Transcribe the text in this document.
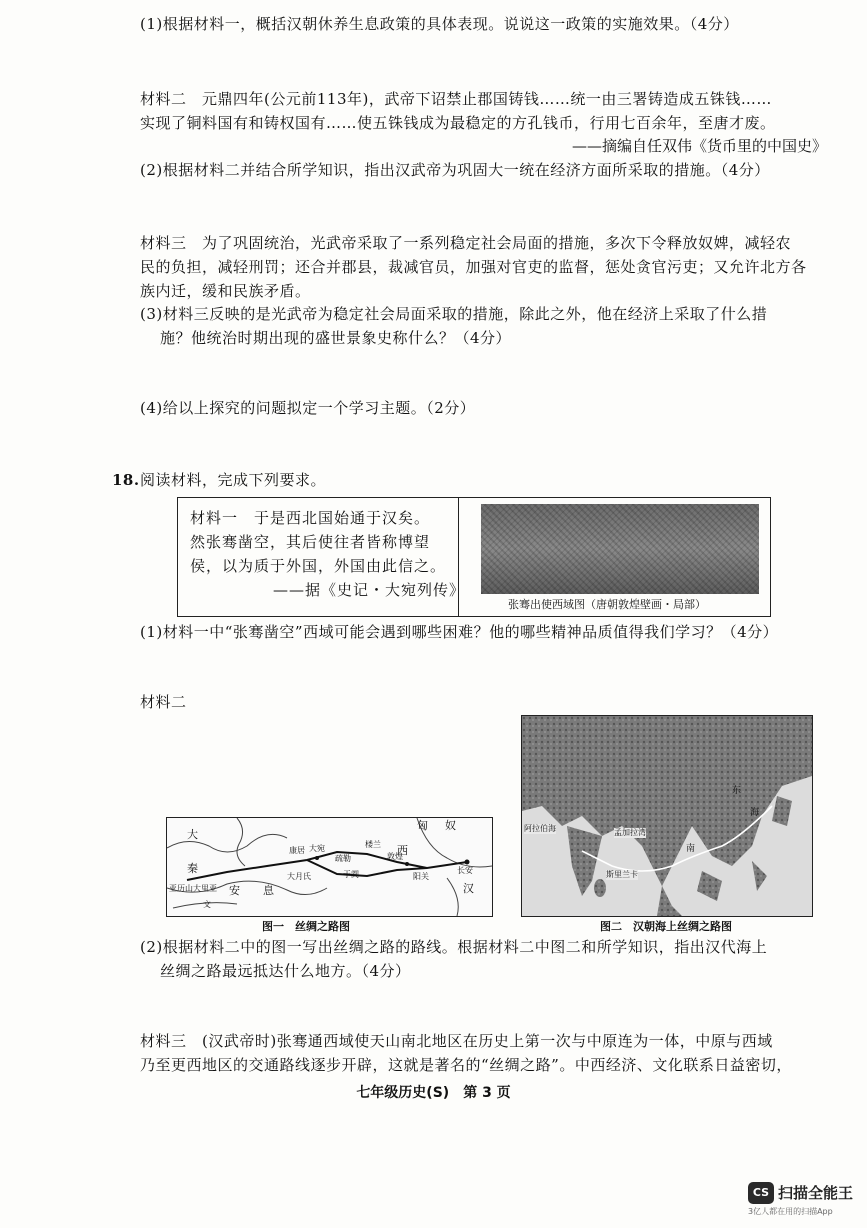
(1)根据材料一，概括汉朝休养生息政策的具体表现。说说这一政策的实施效果。（4分）
材料二　元鼎四年(公元前113年)，武帝下诏禁止郡国铸钱……统一由三署铸造成五铢钱……
实现了铜料国有和铸权国有……使五铢钱成为最稳定的方孔钱币，行用七百余年，至唐才废。
——摘编自任双伟《货币里的中国史》
(2)根据材料二并结合所学知识，指出汉武帝为巩固大一统在经济方面所采取的措施。（4分）
材料三　为了巩固统治，光武帝采取了一系列稳定社会局面的措施，多次下令释放奴婢，减轻农
民的负担，减轻刑罚；还合并郡县，裁减官员，加强对官吏的监督，惩处贪官污吏；又允许北方各
族内迁，缓和民族矛盾。
(3)材料三反映的是光武帝为稳定社会局面采取的措施，除此之外，他在经济上采取了什么措
施？他统治时期出现的盛世景象史称什么？（4分）
(4)给以上探究的问题拟定一个学习主题。（2分）
18. 阅读材料，完成下列要求。
材料一　于是西北国始通于汉矣。
然张骞凿空，其后使往者皆称博望
侯，以为质于外国，外国由此信之。
——据《史记・大宛列传》
张骞出使西域图（唐朝敦煌壁画・局部）
(1)材料一中“张骞凿空”西域可能会遇到哪些困难？他的哪些精神品质值得我们学习？（4分）
材料二
匈 奴
西
大
秦
安 息	汉
长安
敦煌
阳关
大宛
大月氏	于阗
疏勒
楼兰
康居
亚历山大里亚
文
图一　丝绸之路图
东
海
阿拉伯海	孟加拉湾
南
斯里兰卡
图二　汉朝海上丝绸之路图
(2)根据材料二中的图一写出丝绸之路的路线。根据材料二中图二和所学知识，指出汉代海上
丝绸之路最远抵达什么地方。（4分）
材料三　(汉武帝时)张骞通西域使天山南北地区在历史上第一次与中原连为一体，中原与西域
乃至更西地区的交通路线逐步开辟，这就是著名的“丝绸之路”。中西经济、文化联系日益密切，
七年级历史(S)　第 3 页
CS 扫描全能王
3亿人都在用的扫描App
